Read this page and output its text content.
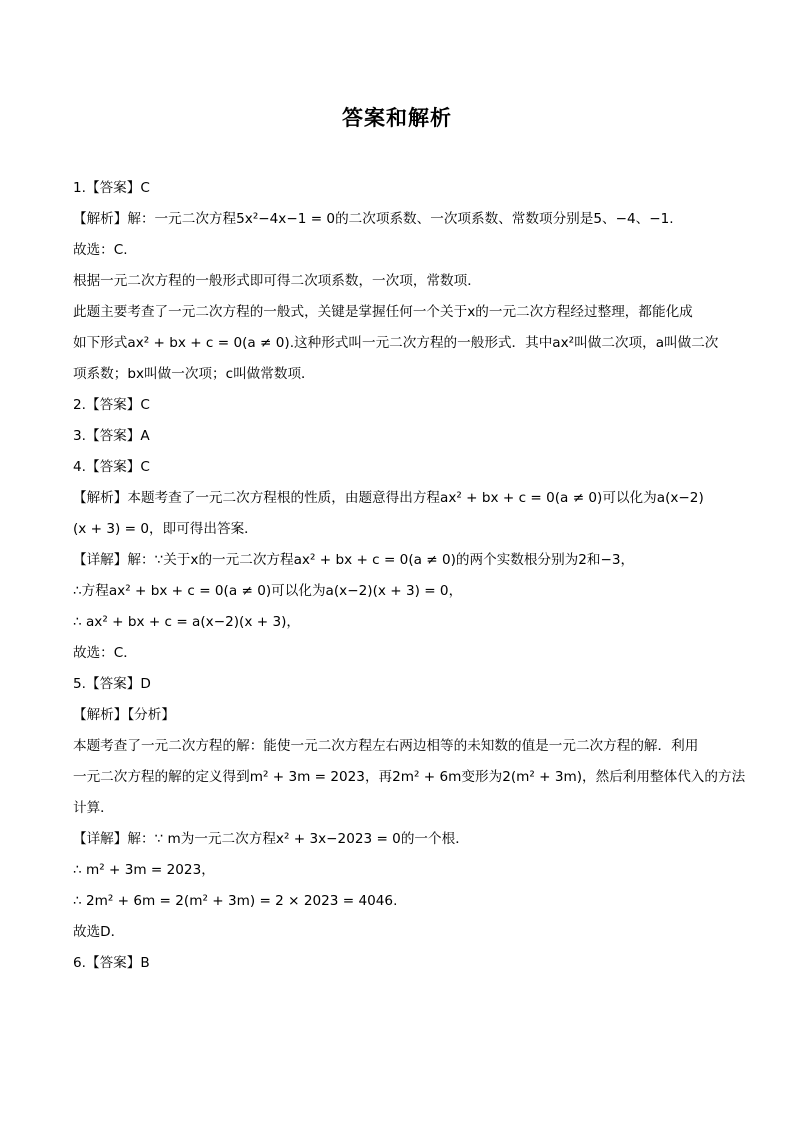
答案和解析
1.【答案】C
【解析】解：一元二次方程5x²−4x−1 = 0的二次项系数、一次项系数、常数项分别是5、−4、−1.
故选：C.
根据一元二次方程的一般形式即可得二次项系数，一次项，常数项．
此题主要考查了一元二次方程的一般式，关键是掌握任何一个关于x的一元二次方程经过整理，都能化成
如下形式ax² + bx + c = 0(a ≠ 0).这种形式叫一元二次方程的一般形式．其中ax²叫做二次项，a叫做二次
项系数；bx叫做一次项；c叫做常数项．
2.【答案】C
3.【答案】A
4.【答案】C
【解析】本题考查了一元二次方程根的性质，由题意得出方程ax² + bx + c = 0(a ≠ 0)可以化为a(x−2)
(x + 3) = 0，即可得出答案．
【详解】解：∵关于x的一元二次方程ax² + bx + c = 0(a ≠ 0)的两个实数根分别为2和−3，
∴方程ax² + bx + c = 0(a ≠ 0)可以化为a(x−2)(x + 3) = 0，
∴ ax² + bx + c = a(x−2)(x + 3)，
故选：C．
5.【答案】D
【解析】【分析】
本题考查了一元二次方程的解：能使一元二次方程左右两边相等的未知数的值是一元二次方程的解．利用
一元二次方程的解的定义得到m² + 3m = 2023，再2m² + 6m变形为2(m² + 3m)，然后利用整体代入的方法
计算．
【详解】解：∵ m为一元二次方程x² + 3x−2023 = 0的一个根．
∴ m² + 3m = 2023，
∴ 2m² + 6m = 2(m² + 3m) = 2 × 2023 = 4046.
故选D．
6.【答案】B
